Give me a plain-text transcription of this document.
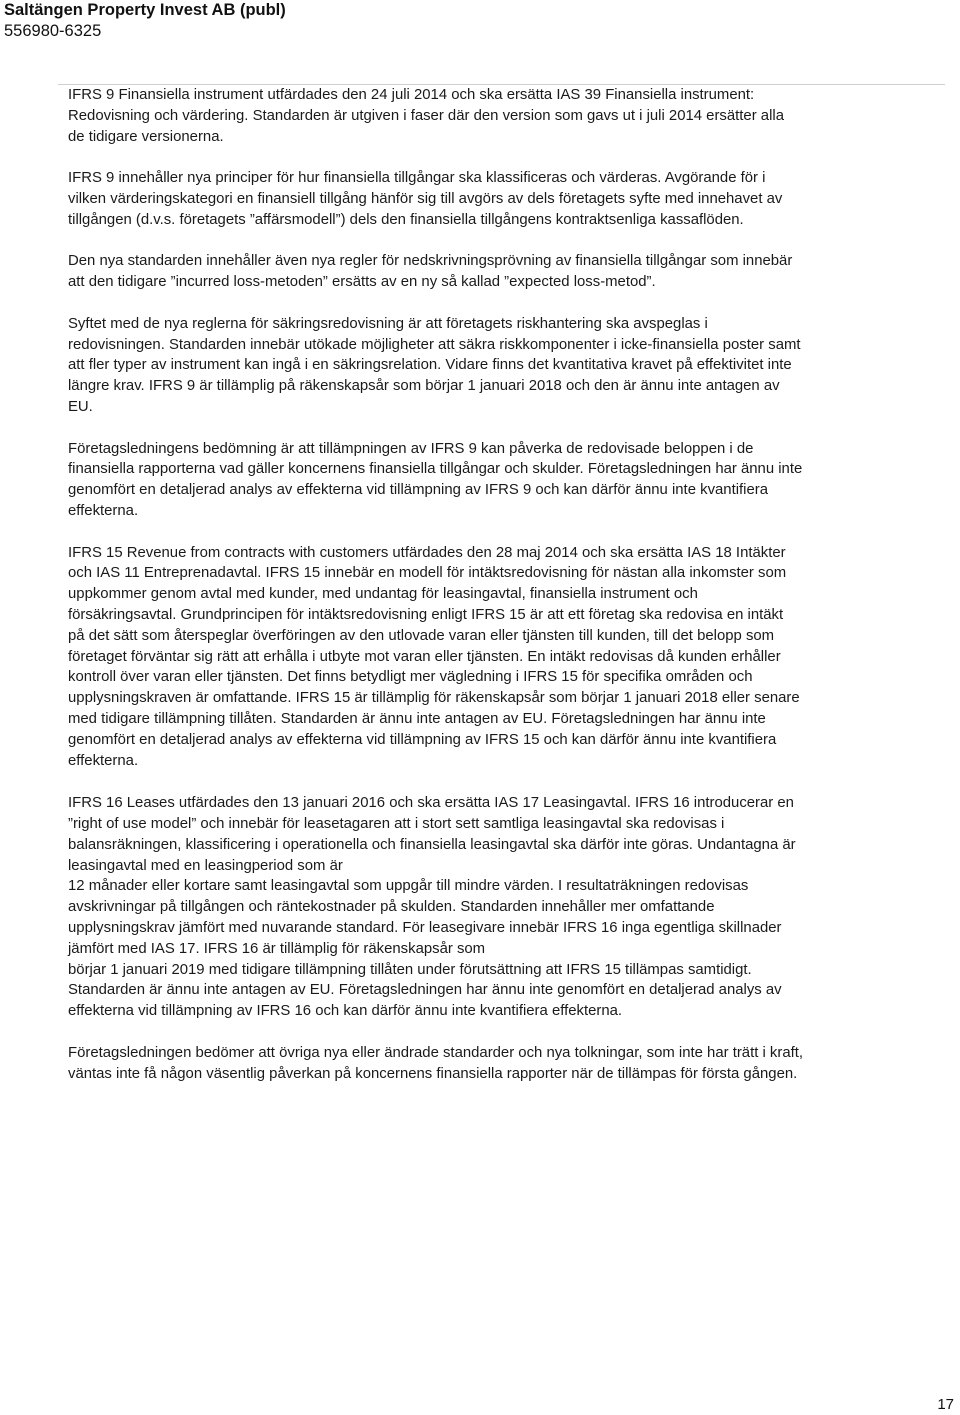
Saltängen Property Invest AB (publ)
556980-6325
IFRS 9 Finansiella instrument utfärdades den 24 juli 2014 och ska ersätta IAS 39 Finansiella instrument:
Redovisning och värdering. Standarden är utgiven i faser där den version som gavs ut i juli 2014 ersätter alla
de tidigare versionerna.
IFRS 9 innehåller nya principer för hur finansiella tillgångar ska klassificeras och värderas. Avgörande för i
vilken värderingskategori en finansiell tillgång hänför sig till avgörs av dels företagets syfte med innehavet av
tillgången (d.v.s. företagets ”affärsmodell”) dels den finansiella tillgångens kontraktsenliga kassaflöden.
Den nya standarden innehåller även nya regler för nedskrivningsprövning av finansiella tillgångar som innebär
att den tidigare ”incurred loss-metoden” ersätts av en ny så kallad ”expected loss-metod”.
Syftet med de nya reglerna för säkringsredovisning är att företagets riskhantering ska avspeglas i
redovisningen. Standarden innebär utökade möjligheter att säkra riskkomponenter i icke-finansiella poster samt
att fler typer av instrument kan ingå i en säkringsrelation. Vidare finns det kvantitativa kravet på effektivitet inte
längre krav. IFRS 9 är tillämplig på räkenskapsår som börjar 1 januari 2018 och den är ännu inte antagen av
EU.
Företagsledningens bedömning är att tillämpningen av IFRS 9 kan påverka de redovisade beloppen i de
finansiella rapporterna vad gäller koncernens finansiella tillgångar och skulder. Företagsledningen har ännu inte
genomfört en detaljerad analys av effekterna vid tillämpning av IFRS 9 och kan därför ännu inte kvantifiera
effekterna.
IFRS 15 Revenue from contracts with customers utfärdades den 28 maj 2014 och ska ersätta IAS 18 Intäkter
och IAS 11 Entreprenadavtal. IFRS 15 innebär en modell för intäktsredovisning för nästan alla inkomster som
uppkommer genom avtal med kunder, med undantag för leasingavtal, finansiella instrument och
försäkringsavtal. Grundprincipen för intäktsredovisning enligt IFRS 15 är att ett företag ska redovisa en intäkt
på det sätt som återspeglar överföringen av den utlovade varan eller tjänsten till kunden, till det belopp som
företaget förväntar sig rätt att erhålla i utbyte mot varan eller tjänsten. En intäkt redovisas då kunden erhåller
kontroll över varan eller tjänsten. Det finns betydligt mer vägledning i IFRS 15 för specifika områden och
upplysningskraven är omfattande. IFRS 15 är tillämplig för räkenskapsår som börjar 1 januari 2018 eller senare
med tidigare tillämpning tillåten. Standarden är ännu inte antagen av EU. Företagsledningen har ännu inte
genomfört en detaljerad analys av effekterna vid tillämpning av IFRS 15 och kan därför ännu inte kvantifiera
effekterna.
IFRS 16 Leases utfärdades den 13 januari 2016 och ska ersätta IAS 17 Leasingavtal. IFRS 16 introducerar en
”right of use model” och innebär för leasetagaren att i stort sett samtliga leasingavtal ska redovisas i
balansräkningen, klassificering i operationella och finansiella leasingavtal ska därför inte göras. Undantagna är
leasingavtal med en leasingperiod som är
12 månader eller kortare samt leasingavtal som uppgår till mindre värden. I resultaträkningen redovisas
avskrivningar på tillgången och räntekostnader på skulden. Standarden innehåller mer omfattande
upplysningskrav jämfört med nuvarande standard. För leasegivare innebär IFRS 16 inga egentliga skillnader
jämfört med IAS 17. IFRS 16 är tillämplig för räkenskapsår som
börjar 1 januari 2019 med tidigare tillämpning tillåten under förutsättning att IFRS 15 tillämpas samtidigt.
Standarden är ännu inte antagen av EU. Företagsledningen har ännu inte genomfört en detaljerad analys av
effekterna vid tillämpning av IFRS 16 och kan därför ännu inte kvantifiera effekterna.
Företagsledningen bedömer att övriga nya eller ändrade standarder och nya tolkningar, som inte har trätt i kraft,
väntas inte få någon väsentlig påverkan på koncernens finansiella rapporter när de tillämpas för första gången.
17
